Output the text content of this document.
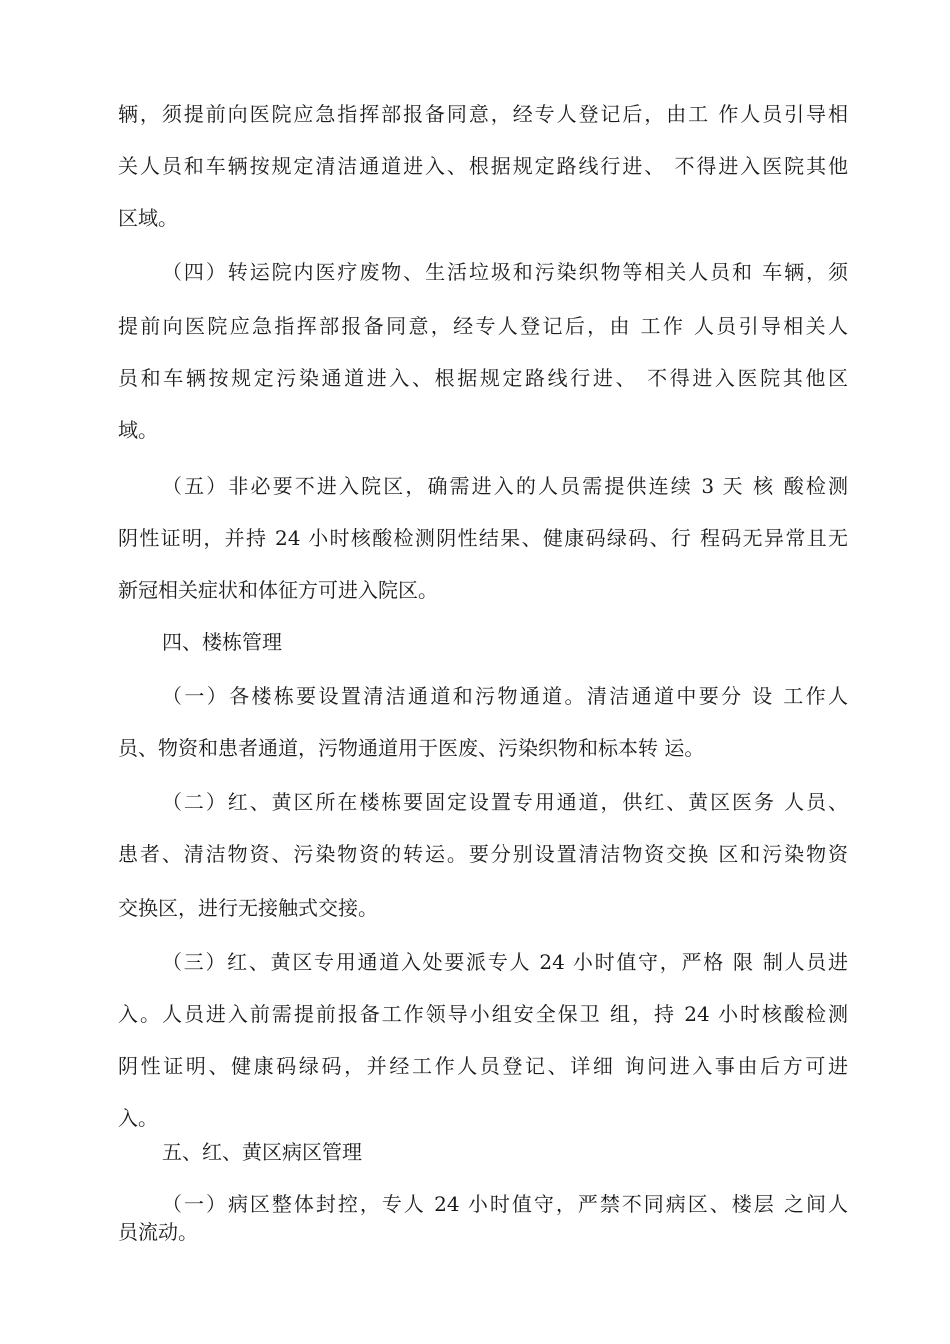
辆，须提前向医院应急指挥部报备同意，经专人登记后，由工 作人员引导相
关人员和车辆按规定清洁通道进入、根据规定路线行进、 不得进入医院其他
区域。
（四）转运院内医疗废物、生活垃圾和污染织物等相关人员和 车辆，须
提前向医院应急指挥部报备同意，经专人登记后，由 工作 人员引导相关人
员和车辆按规定污染通道进入、根据规定路线行进、 不得进入医院其他区
域。
（五）非必要不进入院区，确需进入的人员需提供连续 3 天 核 酸检测
阴性证明，并持 24 小时核酸检测阴性结果、健康码绿码、行 程码无异常且无
新冠相关症状和体征方可进入院区。
四、楼栋管理
（一）各楼栋要设置清洁通道和污物通道。清洁通道中要分 设 工作人
员、物资和患者通道，污物通道用于医废、污染织物和标本转 运。
（二）红、黄区所在楼栋要固定设置专用通道，供红、黄区医务 人员、
患者、清洁物资、污染物资的转运。要分别设置清洁物资交换 区和污染物资
交换区，进行无接触式交接。
（三）红、黄区专用通道入处要派专人 24 小时值守，严格 限 制人员进
入。人员进入前需提前报备工作领导小组安全保卫 组，持 24 小时核酸检测
阴性证明、健康码绿码，并经工作人员登记、详细 询问进入事由后方可进
入。
五、红、黄区病区管理
（一）病区整体封控，专人 24 小时值守，严禁不同病区、楼层 之间人
员流动。
